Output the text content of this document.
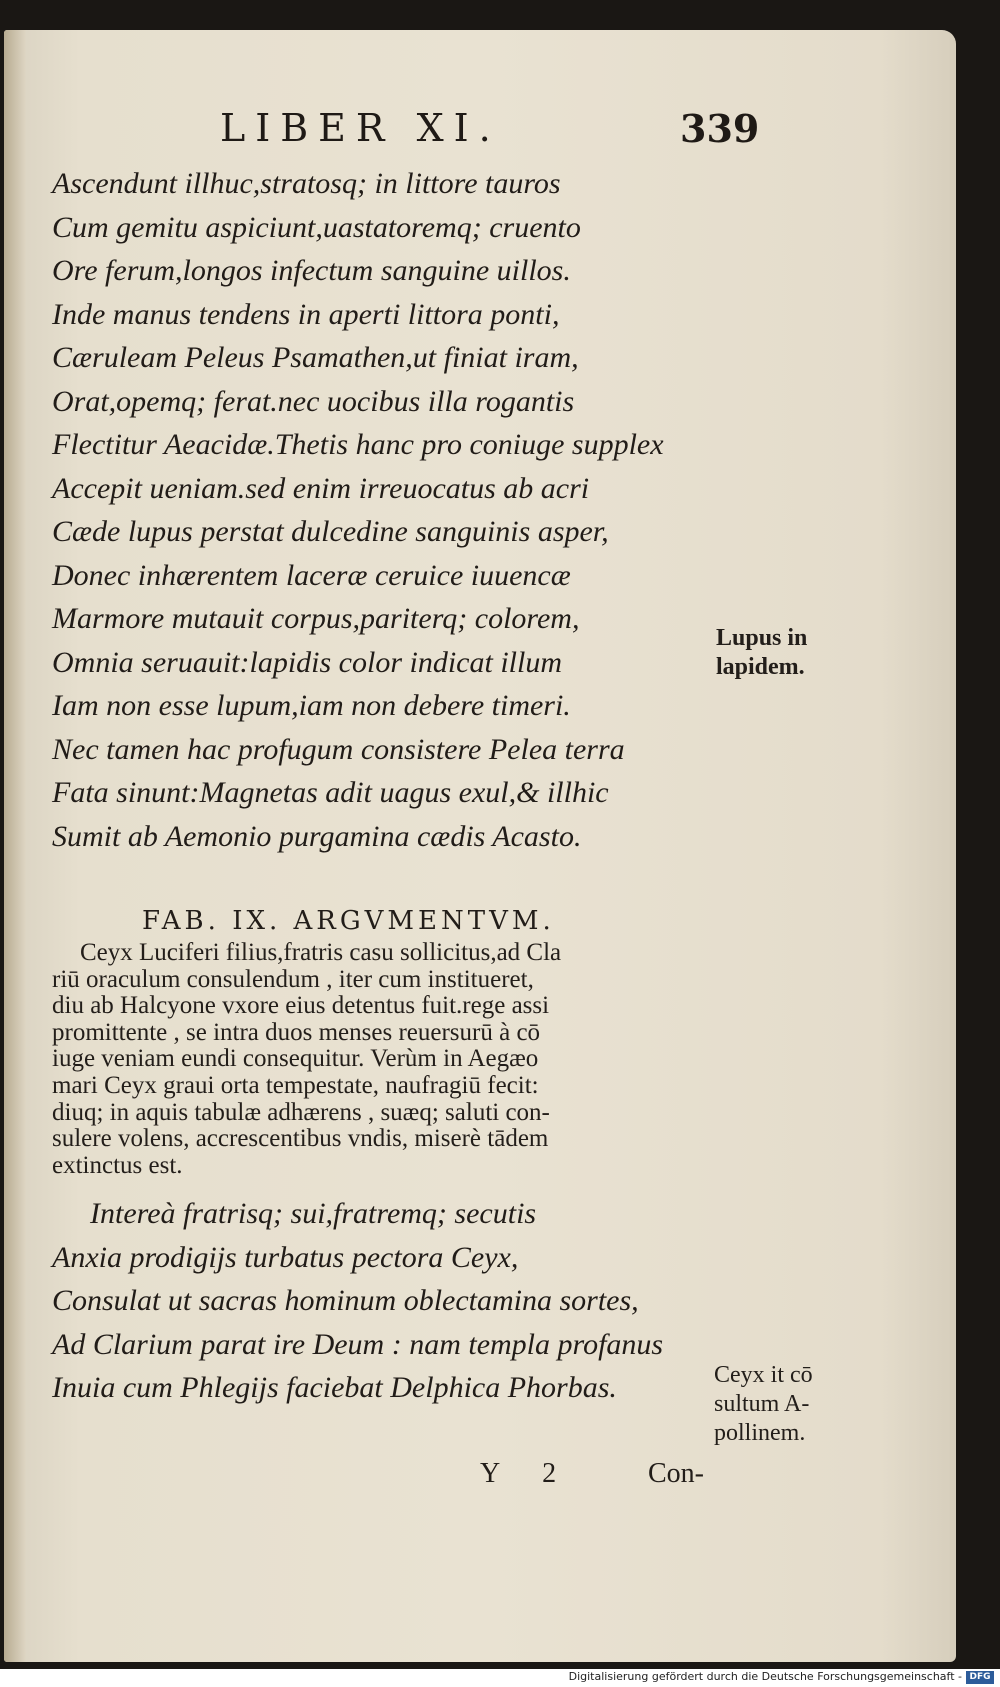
LIBER XI.	339
Ascendunt illhuc,stratosq; in littore tauros
Cum gemitu aspiciunt,uastatoremq; cruento
Ore ferum,longos infectum sanguine uillos.
Inde manus tendens in aperti littora ponti,
Cæruleam Peleus Psamathen,ut finiat iram,
Orat,opemq; ferat.nec uocibus illa rogantis
Flectitur Aeacidæ.Thetis hanc pro coniuge supplex
Accepit ueniam.sed enim irreuocatus ab acri
Cæde lupus perstat dulcedine sanguinis asper,
Donec inhærentem laceræ ceruice iuuencæ
Marmore mutauit corpus,pariterq; colorem,
Omnia seruauit:lapidis color indicat illum
Iam non esse lupum,iam non debere timeri.
Nec tamen hac profugum consistere Pelea terra
Fata sinunt:Magnetas adit uagus exul,& illhic
Sumit ab Aemonio purgamina cædis Acasto.
Lupus in
lapidem.
FAB. IX. ARGVMENTVM.
Ceyx Luciferi filius,fratris casu sollicitus,ad Cla
riū oraculum consulendum , iter cum institueret,
diu ab Halcyone vxore eius detentus fuit.rege assi
promittente , se intra duos menses reuersurū à cō
iuge veniam eundi consequitur. Verùm in Aegæo
mari Ceyx graui orta tempestate, naufragiū fecit:
diuq; in aquis tabulæ adhærens , suæq; saluti con-
sulere volens, accrescentibus vndis, miserè tādem
extinctus est.
Intereà fratrisq; sui,fratremq; secutis
Anxia prodigijs turbatus pectora Ceyx,
Consulat ut sacras hominum oblectamina sortes,
Ad Clarium parat ire Deum : nam templa profanus
Inuia cum Phlegijs faciebat Delphica Phorbas.	Ceyx it cō
sultum A-
pollinem.
Y 2	Con-
Digitalisierung gefördert durch die Deutsche Forschungsgemeinschaft - DFG
